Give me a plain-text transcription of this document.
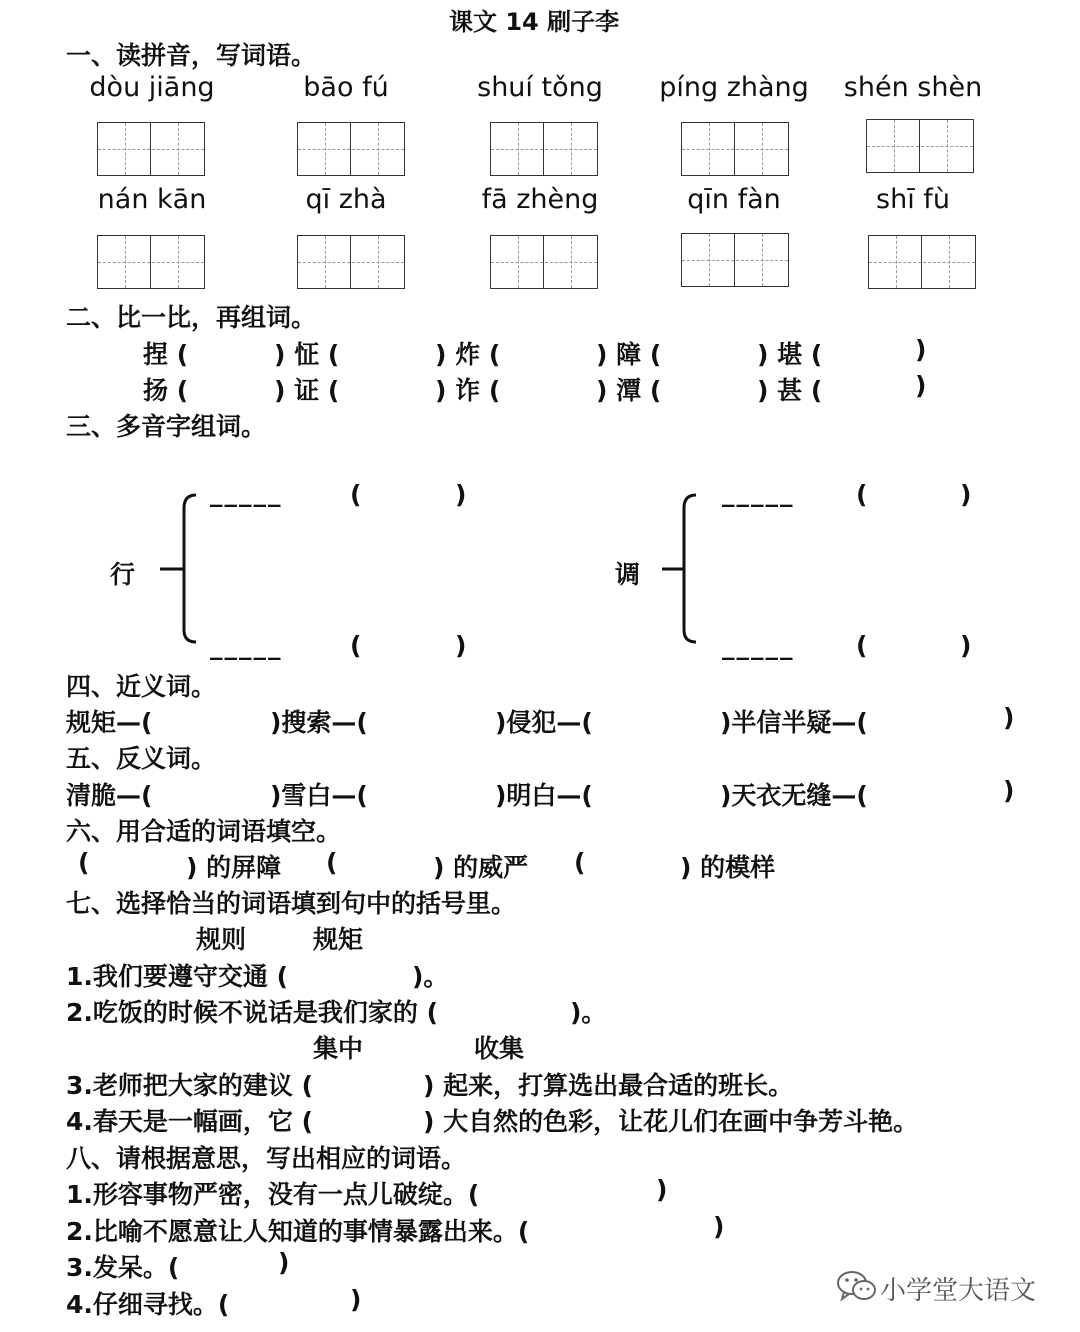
课文 14 刷子李
一、读拼音，写词语。
dòu jiāng	bāo fú	shuí tǒng	píng zhàng	shén shèn
nán kān	qī zhà	fā zhèng	qīn fàn	shī fù
二、比一比，再组词。
捏 (	) 怔 (	) 炸 (	) 障 (	) 堪 (	)
扬 (	) 证 (	) 诈 (	) 潭 (	) 甚 (	)
三、多音字组词。
行	调
_____	(	)
_____	(	)
_____ (	)
_____ (	)
四、近义词。
规矩—(	)搜索—(	)侵犯—(	)半信半疑—(	)
五、反义词。
清脆—(	)雪白—(	)明白—(	)天衣无缝—(	)
六、用合适的词语填空。
(	) 的屏障 (	) 的威严 (	) 的模样
七、选择恰当的词语填到句中的括号里。
规则	规矩
1.我们要遵守交通 (	)。
2.吃饭的时候不说话是我们家的 (	)。
集中	收集
3.老师把大家的建议 (	) 起来，打算选出最合适的班长。
4.春天是一幅画，它 (	) 大自然的色彩，让花儿们在画中争芳斗艳。
八、请根据意思，写出相应的词语。
1.形容事物严密，没有一点儿破绽。(	)
2.比喻不愿意让人知道的事情暴露出来。(	)
3.发呆。(	)
4.仔细寻找。(	)	小学堂大语文
